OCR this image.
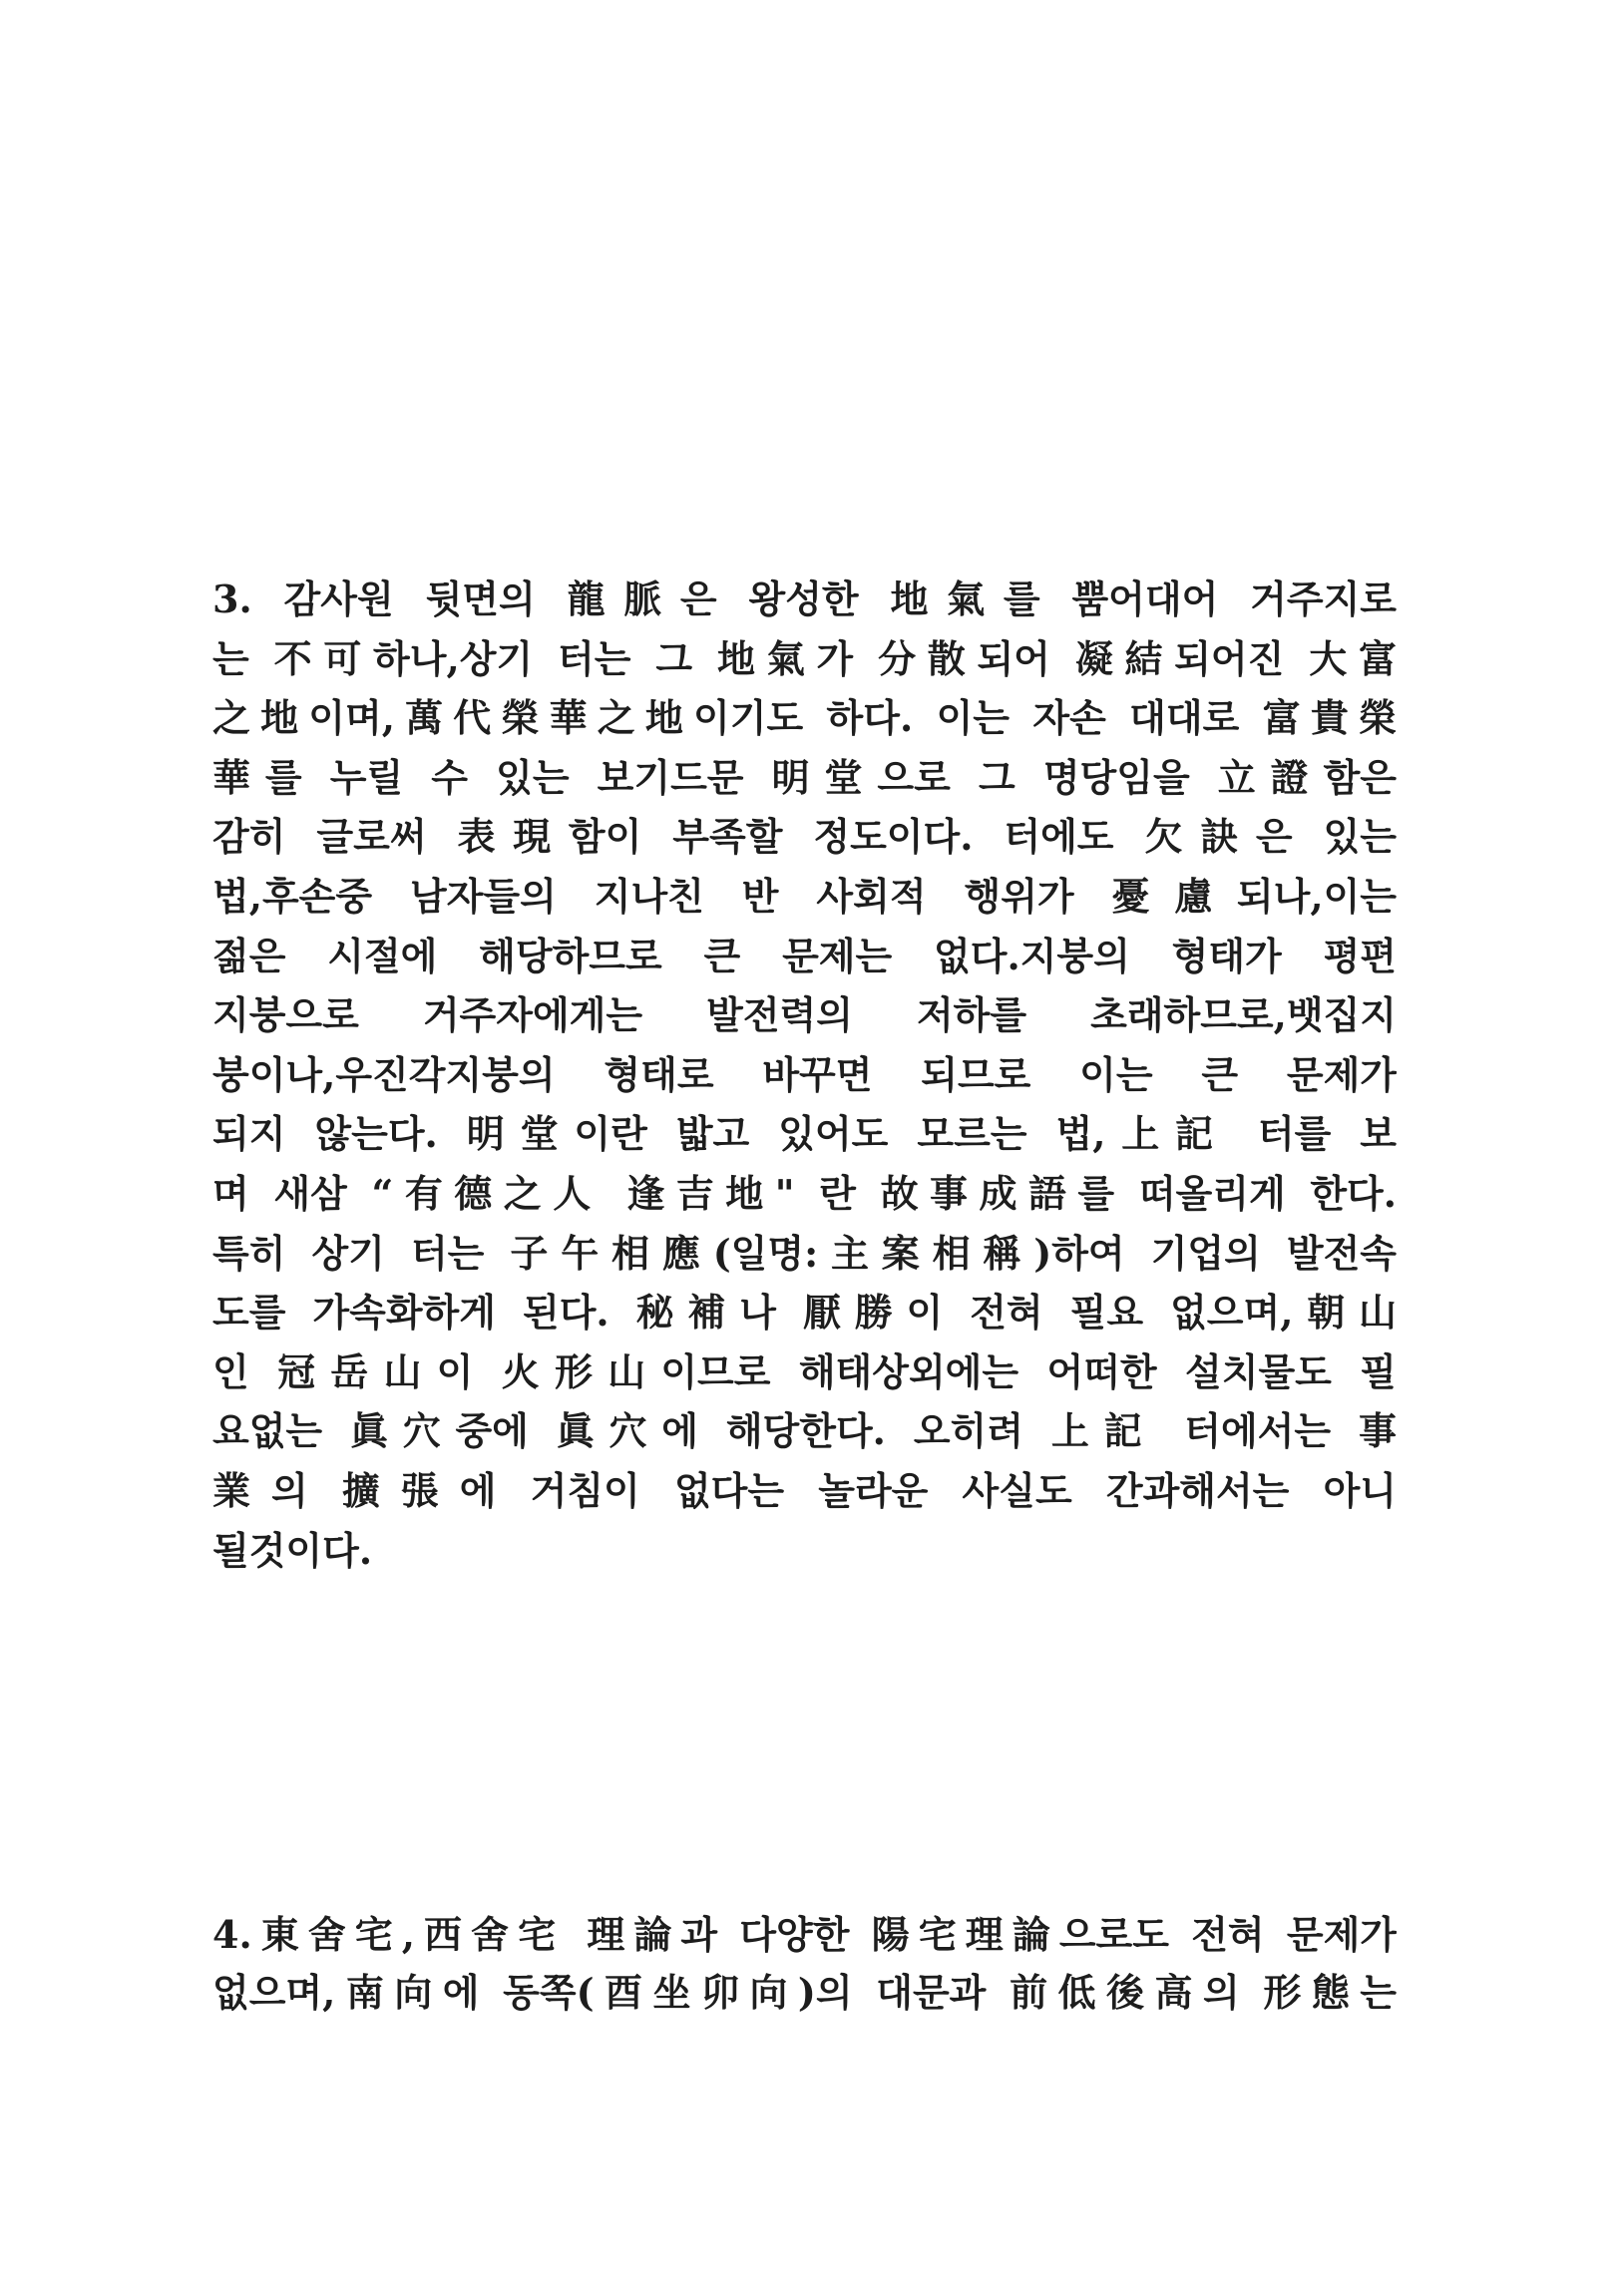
3. 감사원 뒷면의 龍脈은 왕성한 地氣를 뿜어대어 거주지로
는 不可하나,상기 터는 그 地氣가 分散되어 凝結되어진 大富
之地이며,萬代榮華之地이기도 하다. 이는 자손 대대로 富貴榮
華를 누릴 수 있는 보기드문 明堂으로 그 명당임을 立證함은
감히 글로써 表現함이 부족할 정도이다. 터에도 欠訣은 있는
법,후손중 남자들의 지나친 반 사회적 행위가 憂慮되나,이는
젊은 시절에 해당하므로 큰 문제는 없다.지붕의 형태가 평편
지붕으로 거주자에게는 발전력의 저하를 초래하므로,뱃집지
붕이나,우진각지붕의 형태로 바꾸면 되므로 이는 큰 문제가
되지 않는다. 明堂이란 밟고 있어도 모르는 법,上記 터를 보
며 새삼 “有德之人 逢吉地" 란 故事成語를 떠올리게 한다.
특히 상기 터는 子午相應(일명:主案相稱)하여 기업의 발전속
도를 가속화하게 된다. 秘補나 厭勝이 전혀 필요 없으며,朝山
인 冠岳山이 火形山이므로 해태상외에는 어떠한 설치물도 필
요없는 眞穴중에 眞穴에 해당한다. 오히려 上記 터에서는 事
業의 擴張에 거침이 없다는 놀라운 사실도 간과해서는 아니
될것이다.
4.東舍宅,西舍宅 理論과 다양한 陽宅理論으로도 전혀 문제가
없으며,南向에 동쪽(酉坐卯向)의 대문과 前低後高의 形態는
